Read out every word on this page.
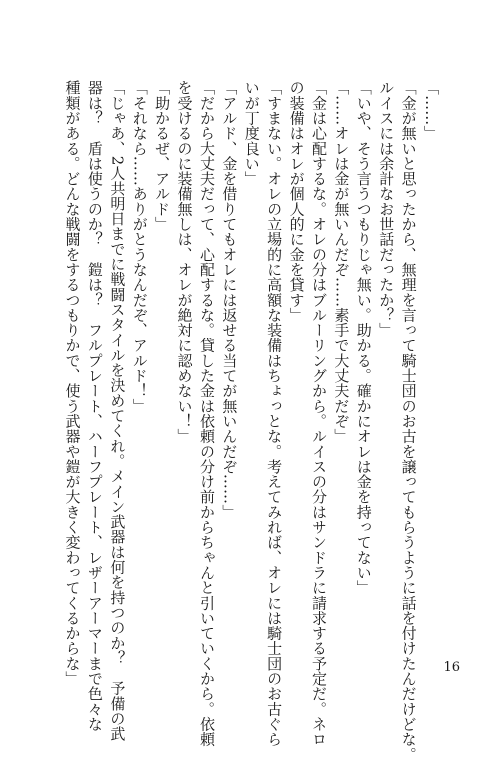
「……」

「金が無いと思ったから、無理を言って騎士団のお古を譲ってもらうように話を付けたんだけどな。

ルイスには余計なお世話だったか？」

「いや、そう言うつもりじゃ無い。助かる。確かにオレは金を持ってない」

「……オレは金が無いんだぞ……素手で大丈夫だぞ」

「金は心配するな。オレの分はブルーリングから。ルイスの分はサンドラに請求する予定だ。ネロ

の装備はオレが個人的に金を貸す」

「すまない。オレの立場的に高額な装備はちょっとな。考えてみれば、オレには騎士団のお古ぐら

いが丁度良い」

「アルド、金を借りてもオレには返せる当てが無いんだぞ……」

「だから大丈夫だって、心配するな。貸した金は依頼の分け前からちゃんと引いていくから。依頼

を受けるのに装備無しは、オレが絶対に認めない！」

「助かるぜ、アルド」

「それなら……ありがとうなんだぞ、アルド！」

「じゃあ、2人共明日までに戦闘スタイルを決めてくれ。メイン武器は何を持つのか？　予備の武

器は？　盾は使うのか？　鎧は？　フルプレート、ハーフプレート、レザーアーマーまで色々な

種類がある。どんな戦闘をするつもりかで、使う武器や鎧が大きく変わってくるからな」	16
